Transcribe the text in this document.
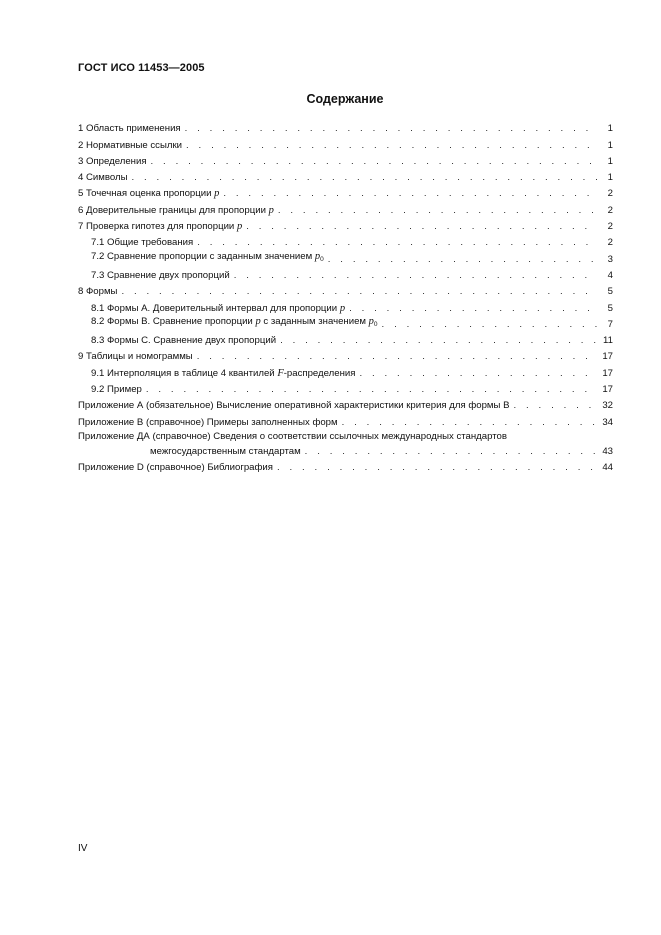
ГОСТ ИСО 11453—2005
Содержание
1 Область применения . . .	1
2 Нормативные ссылки . . .	1
3 Определения . . .	1
4 Символы . . .	1
5 Точечная оценка пропорции p . . .	2
6 Доверительные границы для пропорции p . . .	2
7 Проверка гипотез для пропорции p . . .	2
7.1 Общие требования . . .	2
7.2 Сравнение пропорции с заданным значением $p_0$ . . .	3
7.3 Сравнение двух пропорций . . .	4
8 Формы . . .	5
8.1 Формы A. Доверительный интервал для пропорции p . . .	5
8.2 Формы B. Сравнение пропорции p с заданным значением $p_0$ . . .	7
8.3 Формы C. Сравнение двух пропорций . . .	11
9 Таблицы и номограммы . . .	17
9.1 Интерполяция в таблице 4 квантилей F-распределения . . .	17
9.2 Пример . . .	17
Приложение А (обязательное) Вычисление оперативной характеристики критерия для формы B . . .	32
Приложение B (справочное) Примеры заполненных форм . . .	34
Приложение ДА (справочное) Сведения о соответствии ссылочных международных стандартов
межгосударственным стандартам . . .	43
Приложение D (справочное) Библиография . . .	44
IV
